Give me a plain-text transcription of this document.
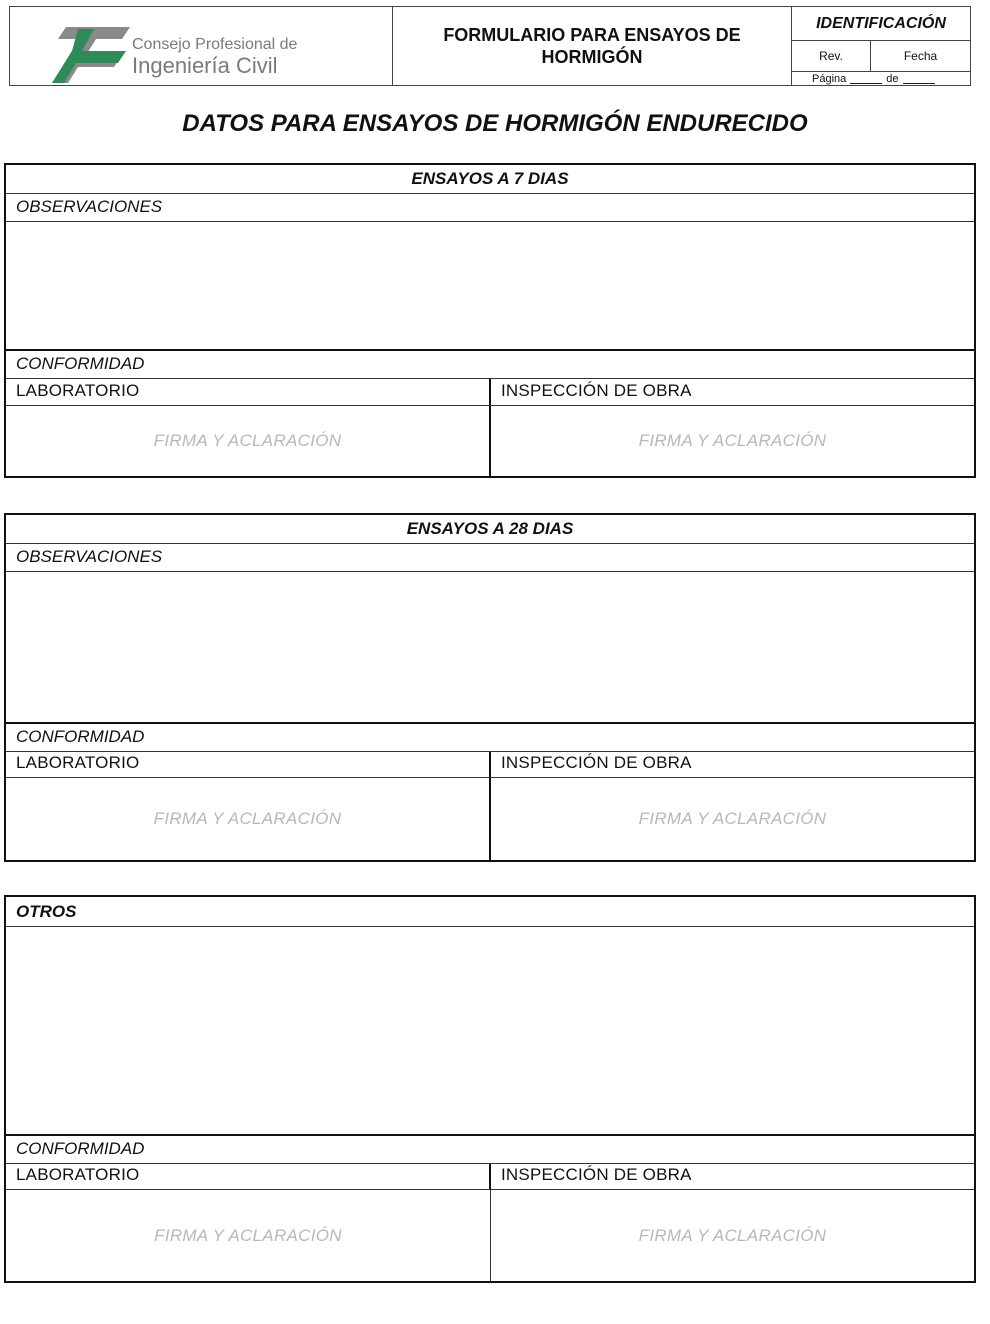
Consejo Profesional de
Ingeniería Civil
FORMULARIO PARA ENSAYOS DE HORMIGÓN
IDENTIFICACIÓN
Rev.	Fecha
Página	de
DATOS PARA ENSAYOS DE HORMIGÓN ENDURECIDO
ENSAYOS A 7 DIAS
OBSERVACIONES
CONFORMIDAD
LABORATORIO	INSPECCIÓN DE OBRA
FIRMA Y ACLARACIÓN	FIRMA Y ACLARACIÓN
ENSAYOS A 28 DIAS
OBSERVACIONES
CONFORMIDAD
LABORATORIO	INSPECCIÓN DE OBRA
FIRMA Y ACLARACIÓN	FIRMA Y ACLARACIÓN
OTROS
CONFORMIDAD
LABORATORIO	INSPECCIÓN DE OBRA
FIRMA Y ACLARACIÓN	FIRMA Y ACLARACIÓN
